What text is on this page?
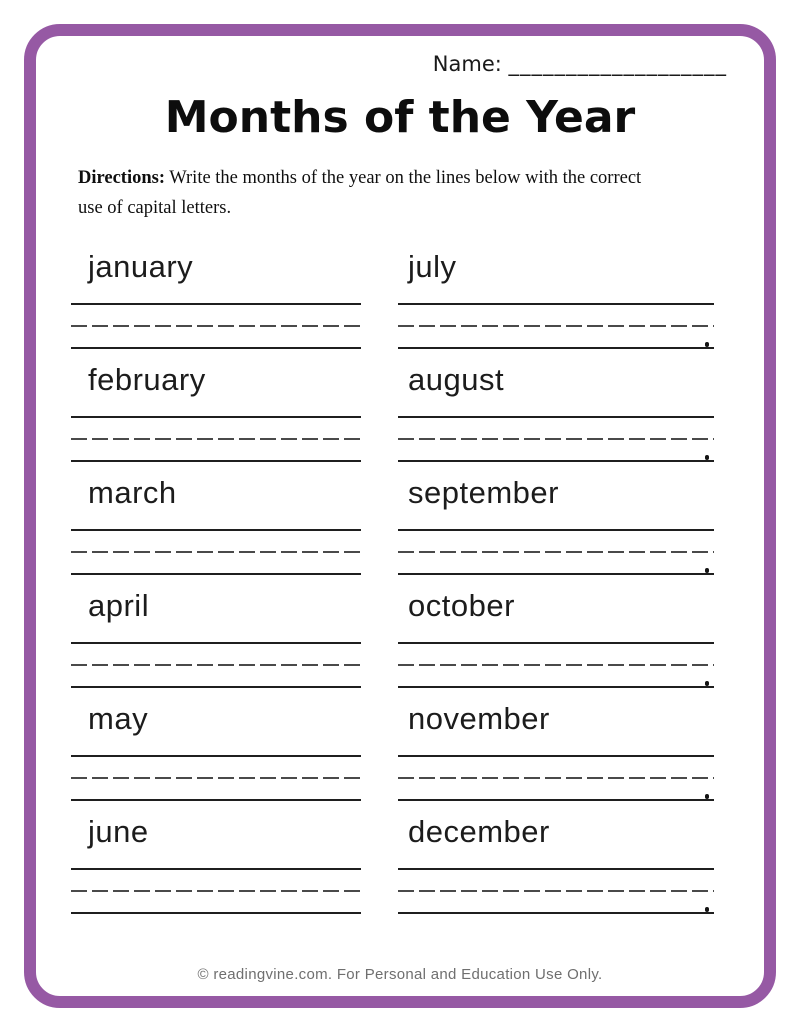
Name: ___________________
Months of the Year
Directions: Write the months of the year on the lines below with the correct
use of capital letters.
january
february
march
april
may
june
july
august
september
october
november
december
© readingvine.com. For Personal and Education Use Only.
